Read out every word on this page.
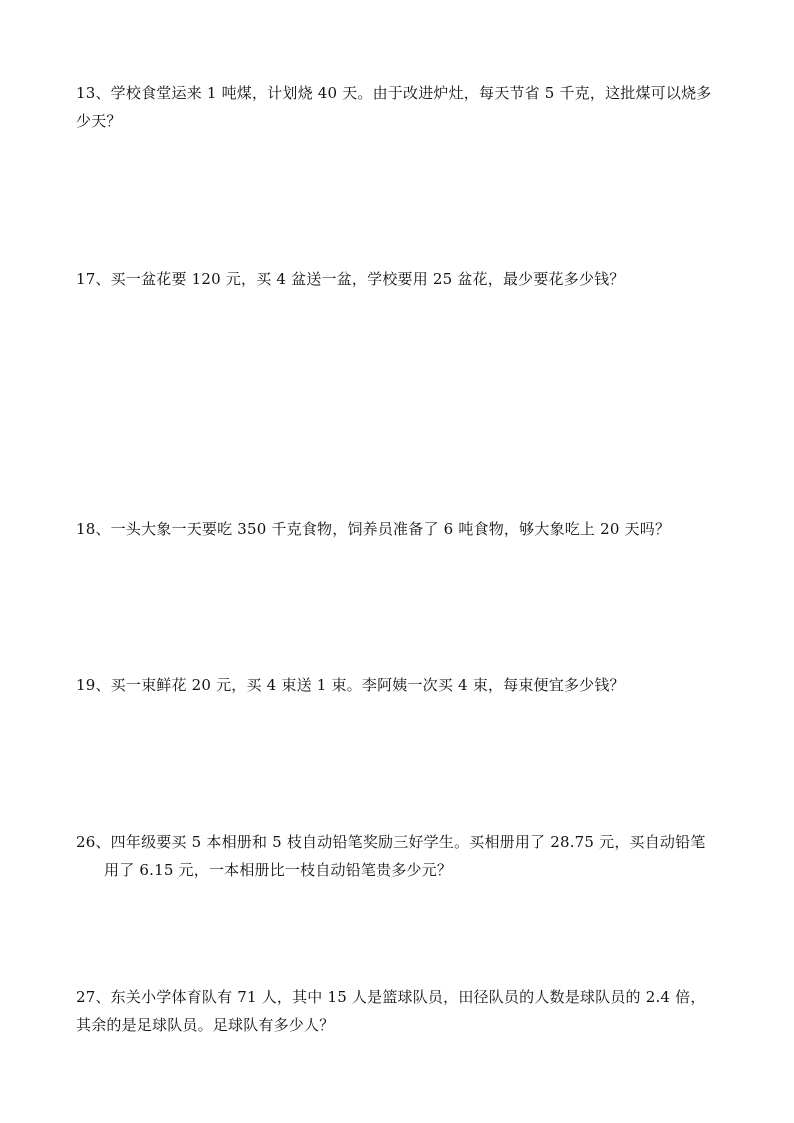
13、学校食堂运来 1 吨煤，计划烧 40 天。由于改进炉灶，每天节省 5 千克，这批煤可以烧多
少天？
17、买一盆花要 120 元，买 4 盆送一盆，学校要用 25 盆花，最少要花多少钱？
18、一头大象一天要吃 350 千克食物，饲养员准备了 6 吨食物，够大象吃上 20 天吗？
19、买一束鲜花 20 元，买 4 束送 1 束。李阿姨一次买 4 束，每束便宜多少钱？
26、四年级要买 5 本相册和 5 枝自动铅笔奖励三好学生。买相册用了 28.75 元，买自动铅笔
用了 6.15 元，一本相册比一枝自动铅笔贵多少元？
27、东关小学体育队有 71 人，其中 15 人是篮球队员，田径队员的人数是球队员的 2.4 倍，
其余的是足球队员。足球队有多少人？
